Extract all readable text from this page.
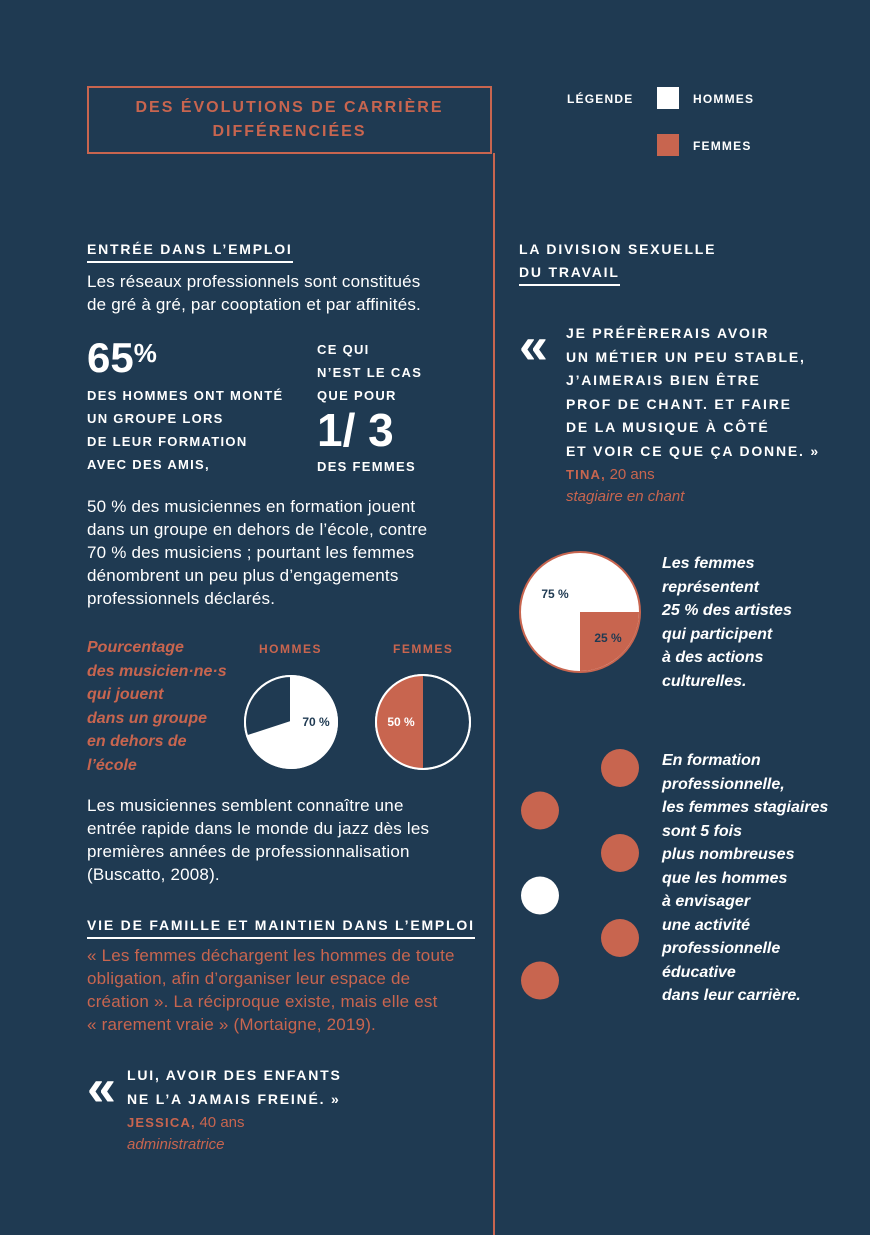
DES ÉVOLUTIONS DE CARRIÈRE
DIFFÉRENCIÉES
LÉGENDE	HOMMES
FEMMES
ENTRÉE DANS L’EMPLOI
Les réseaux professionnels sont constitués
de gré à gré, par cooptation et par affinités.
65%
DES HOMMES ONT MONTÉ
UN GROUPE LORS
DE LEUR FORMATION
AVEC DES AMIS,
CE QUI
N’EST LE CAS
QUE POUR
1/ 3
DES FEMMES
50 % des musiciennes en formation jouent
dans un groupe en dehors de l’école, contre
70 % des musiciens ; pourtant les femmes
dénombrent un peu plus d’engagements
professionnels déclarés.
Pourcentage
des musicien·ne·s
qui jouent
dans un groupe
en dehors de
l’école
HOMMES	FEMMES
70 %	50 %
75 %
25 %
Les musiciennes semblent connaître une
entrée rapide dans le monde du jazz dès les
premières années de professionnalisation
(Buscatto, 2008).
VIE DE FAMILLE ET MAINTIEN DANS L’EMPLOI
« Les femmes déchargent les hommes de toute
obligation, afin d’organiser leur espace de
création ». La réciproque existe, mais elle est
« rarement vraie » (Mortaigne, 2019).
« LUI, AVOIR DES ENFANTS
NE L’A JAMAIS FREINÉ. »
JESSICA, 40 ans
administratrice
LA DIVISION SEXUELLE
DU TRAVAIL
« JE PRÉFÈRERAIS AVOIR
UN MÉTIER UN PEU STABLE,
J’AIMERAIS BIEN ÊTRE
PROF DE CHANT. ET FAIRE
DE LA MUSIQUE À CÔTÉ
ET VOIR CE QUE ÇA DONNE. »
TINA, 20 ans
stagiaire en chant
Les femmes
représentent
25 % des artistes
qui participent
à des actions
culturelles.
En formation
professionnelle,
les femmes stagiaires
sont 5 fois
plus nombreuses
que les hommes
à envisager
une activité
professionnelle
éducative
dans leur carrière.
